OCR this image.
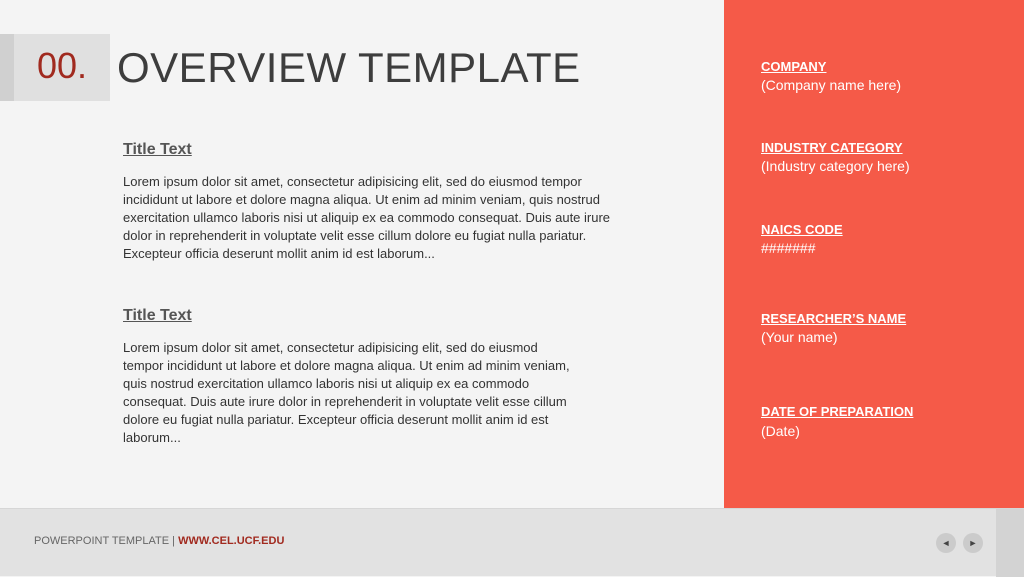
00. OVERVIEW TEMPLATE
Title Text
Lorem ipsum dolor sit amet, consectetur adipisicing elit, sed do eiusmod tempor incididunt ut labore et dolore magna aliqua. Ut enim ad minim veniam, quis nostrud exercitation ullamco laboris nisi ut aliquip ex ea commodo consequat. Duis aute irure dolor in reprehenderit in voluptate velit esse cillum dolore eu fugiat nulla pariatur. Excepteur officia deserunt mollit anim id est laborum...
Title Text
Lorem ipsum dolor sit amet, consectetur adipisicing elit, sed do eiusmod tempor incididunt ut labore et dolore magna aliqua. Ut enim ad minim veniam, quis nostrud exercitation ullamco laboris nisi ut aliquip ex ea commodo consequat. Duis aute irure dolor in reprehenderit in voluptate velit esse cillum dolore eu fugiat nulla pariatur. Excepteur officia deserunt mollit anim id est laborum...
COMPANY
(Company name here)
INDUSTRY CATEGORY
(Industry category here)
NAICS CODE
#######
RESEARCHER’S NAME
(Your name)
DATE OF PREPARATION
(Date)
POWERPOINT TEMPLATE | WWW.CEL.UCF.EDU	◄	►
